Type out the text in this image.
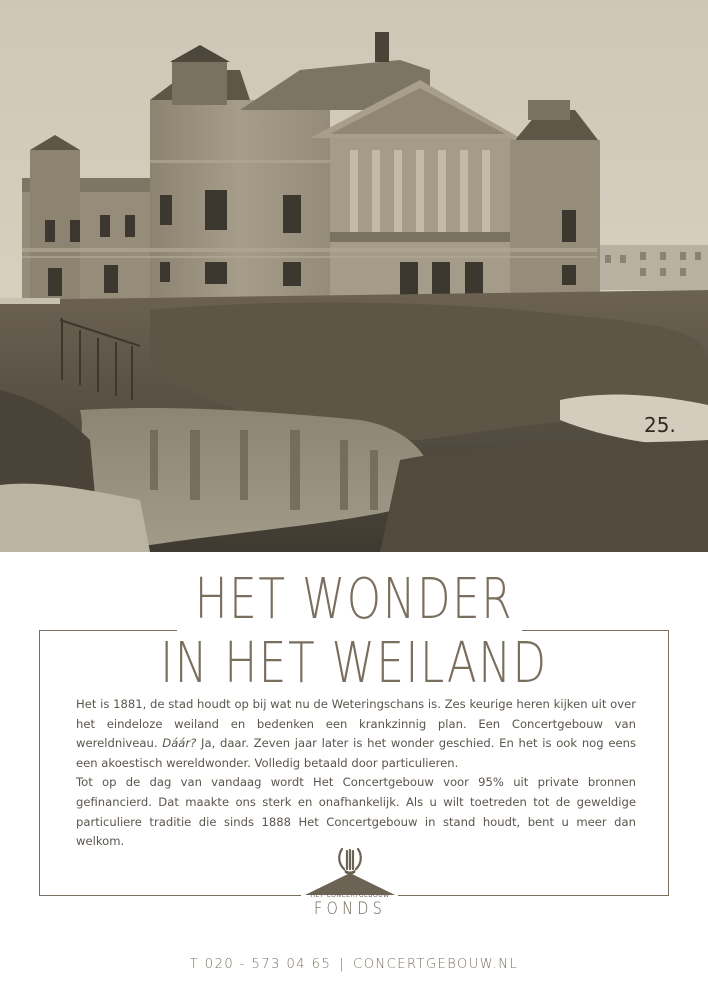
25.
HET WONDER
IN HET WEILAND

Het is 1881, de stad houdt op bij wat nu de Weteringschans is. Zes keurige heren kijken uit over het eindeloze weiland en bedenken een krankzinnig plan. Een Concertgebouw van wereldniveau. Dáár? Ja, daar. Zeven jaar later is het wonder geschied. En het is ook nog eens een akoestisch wereldwonder. Volledig betaald door particulieren.

Tot op de dag van vandaag wordt Het Concertgebouw voor 95% uit private bronnen gefinancierd. Dat maakte ons sterk en onafhankelijk. Als u wilt toetreden tot de geweldige particuliere traditie die sinds 1888 Het Concertgebouw in stand houdt, bent u meer dan welkom.

HET CONCERTGEBOUW
FONDS
T 020 - 573 04 65 | CONCERTGEBOUW.NL
